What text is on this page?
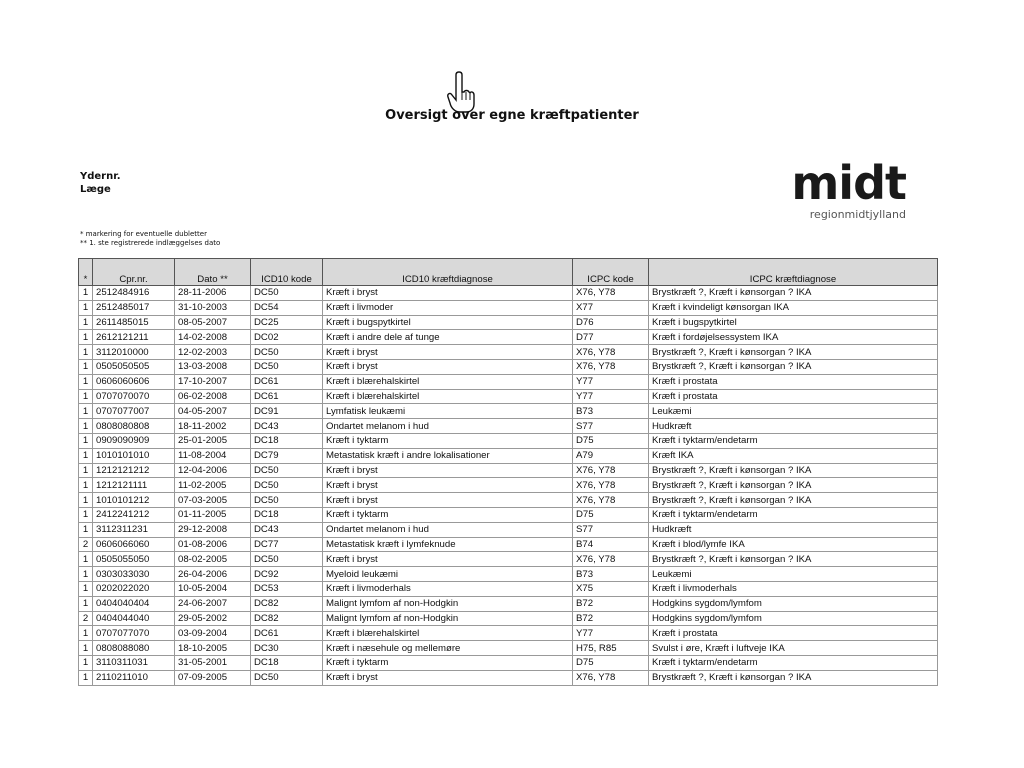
Oversigt over egne kræftpatienter
Ydernr.
Læge
* markering for eventuelle dubletter
** 1. ste registrerede indlæggelses dato
midt
regionmidtjylland
*	Cpr.nr.	Dato **	ICD10 kode	ICD10 kræftdiagnose	ICPC kode	ICPC kræftdiagnose
1	2512484916	28-11-2006	DC50	Kræft i bryst	X76, Y78	Brystkræft ?, Kræft i kønsorgan ? IKA
1	2512485017	31-10-2003	DC54	Kræft i livmoder	X77	Kræft i kvindeligt kønsorgan IKA
1	2611485015	08-05-2007	DC25	Kræft i bugspytkirtel	D76	Kræft i bugspytkirtel
1	2612121211	14-02-2008	DC02	Kræft i andre dele af tunge	D77	Kræft i fordøjelsessystem IKA
1	3112010000	12-02-2003	DC50	Kræft i bryst	X76, Y78	Brystkræft ?, Kræft i kønsorgan ? IKA
1	0505050505	13-03-2008	DC50	Kræft i bryst	X76, Y78	Brystkræft ?, Kræft i kønsorgan ? IKA
1	0606060606	17-10-2007	DC61	Kræft i blærehalskirtel	Y77	Kræft i prostata
1	0707070070	06-02-2008	DC61	Kræft i blærehalskirtel	Y77	Kræft i prostata
1	0707077007	04-05-2007	DC91	Lymfatisk leukæmi	B73	Leukæmi
1	0808080808	18-11-2002	DC43	Ondartet melanom i hud	S77	Hudkræft
1	0909090909	25-01-2005	DC18	Kræft i tyktarm	D75	Kræft i tyktarm/endetarm
1	1010101010	11-08-2004	DC79	Metastatisk kræft i andre lokalisationer	A79	Kræft IKA
1	1212121212	12-04-2006	DC50	Kræft i bryst	X76, Y78	Brystkræft ?, Kræft i kønsorgan ? IKA
1	1212121111	11-02-2005	DC50	Kræft i bryst	X76, Y78	Brystkræft ?, Kræft i kønsorgan ? IKA
1	1010101212	07-03-2005	DC50	Kræft i bryst	X76, Y78	Brystkræft ?, Kræft i kønsorgan ? IKA
1	2412241212	01-11-2005	DC18	Kræft i tyktarm	D75	Kræft i tyktarm/endetarm
1	3112311231	29-12-2008	DC43	Ondartet melanom i hud	S77	Hudkræft
2	0606066060	01-08-2006	DC77	Metastatisk kræft i lymfeknude	B74	Kræft i blod/lymfe IKA
1	0505055050	08-02-2005	DC50	Kræft i bryst	X76, Y78	Brystkræft ?, Kræft i kønsorgan ? IKA
1	0303033030	26-04-2006	DC92	Myeloid leukæmi	B73	Leukæmi
1	0202022020	10-05-2004	DC53	Kræft i livmoderhals	X75	Kræft i livmoderhals
1	0404040404	24-06-2007	DC82	Malignt lymfom af non-Hodgkin	B72	Hodgkins sygdom/lymfom
2	0404044040	29-05-2002	DC82	Malignt lymfom af non-Hodgkin	B72	Hodgkins sygdom/lymfom
1	0707077070	03-09-2004	DC61	Kræft i blærehalskirtel	Y77	Kræft i prostata
1	0808088080	18-10-2005	DC30	Kræft i næsehule og mellemøre	H75, R85	Svulst i øre, Kræft i luftveje IKA
1	3110311031	31-05-2001	DC18	Kræft i tyktarm	D75	Kræft i tyktarm/endetarm
1	2110211010	07-09-2005	DC50	Kræft i bryst	X76, Y78	Brystkræft ?, Kræft i kønsorgan ? IKA
